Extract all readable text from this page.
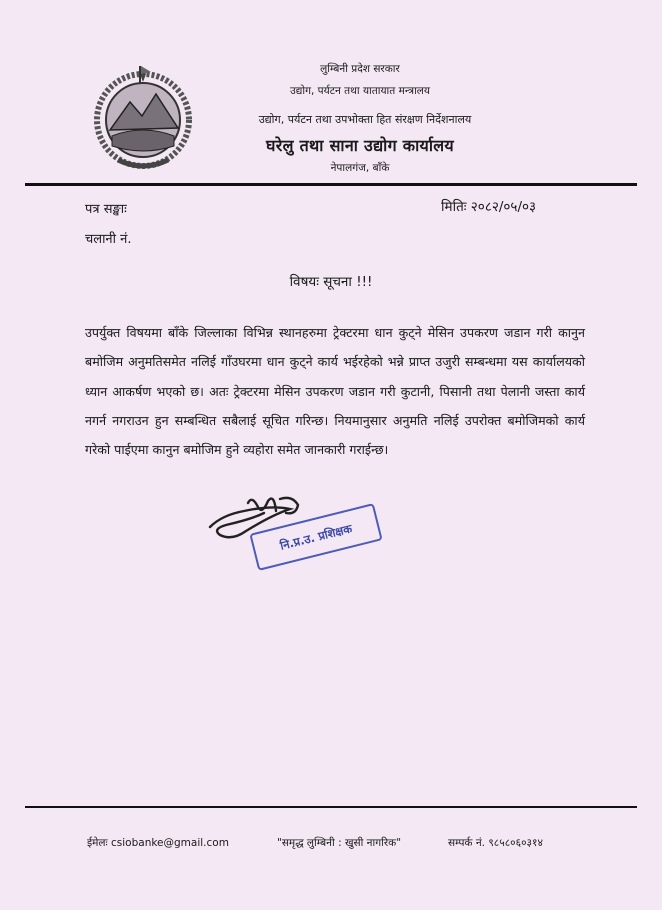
लुम्बिनी प्रदेश सरकार
उद्योग, पर्यटन तथा यातायात मन्त्रालय
उद्योग, पर्यटन तथा उपभोक्ता हित संरक्षण निर्देशनालय
घरेलु तथा साना उद्योग कार्यालय
नेपालगंज, बाँके
पत्र सङ्खाः
चलानी नं.
मितिः २०८२/०५/०३
विषयः सूचना !!!
उपर्युक्त विषयमा बाँके जिल्लाका विभिन्न स्थानहरुमा ट्रेक्टरमा धान कुट्ने मेसिन उपकरण जडान गरी कानुन बमोजिम अनुमतिसमेत नलिई गाँउघरमा धान कुट्ने कार्य भईरहेको भन्ने प्राप्त उजुरी सम्बन्धमा यस कार्यालयको ध्यान आकर्षण भएको छ। अतः ट्रेक्टरमा मेसिन उपकरण जडान गरी कुटानी, पिसानी तथा पेलानी जस्ता कार्य नगर्न नगराउन हुन सम्बन्धित सबैलाई सूचित गरिन्छ। नियमानुसार अनुमति नलिई उपरोक्त बमोजिमको कार्य गरेको पाईएमा कानुन बमोजिम हुने व्यहोरा समेत जानकारी गराईन्छ।
नि.प्र.उ. प्रशिक्षक
ईमेलः csiobanke@gmail.com	"समृद्ध लुम्बिनी : खुसी नागरिक"	सम्पर्क नं. ९८५८०६०३१४
